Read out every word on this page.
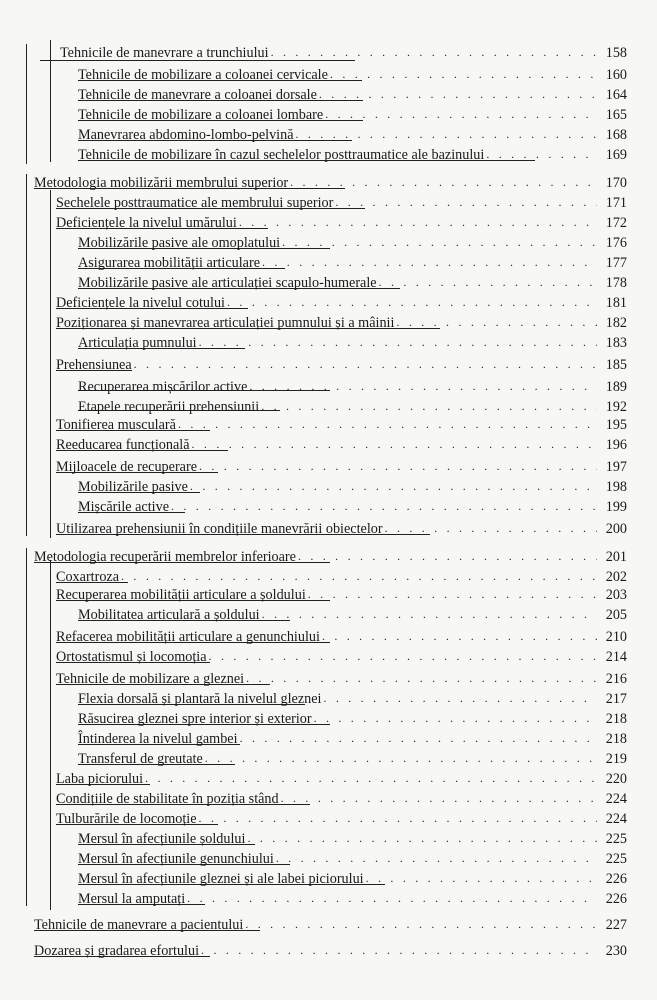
Tehnicile de manevrare a trunchiului . . .	158
Tehnicile de mobilizare a coloanei cervicale . . .	160
Tehnicile de manevrare a coloanei dorsale . . .	164
Tehnicile de mobilizare a coloanei lombare . . .	165
Manevrarea abdomino-lombo-pelvină . . .	168
Tehnicile de mobilizare în cazul sechelelor posttraumatice ale bazinului . . .	169
Metodologia mobilizării membrului superior . . .	170
Sechelele posttraumatice ale membrului superior . . .	171
Deficiențele la nivelul umărului . . .	172
Mobilizările pasive ale omoplatului . . .	176
Asigurarea mobilității articulare . . .	177
Mobilizările pasive ale articulației scapulo-humerale . . .	178
Deficiențele la nivelul cotului . . .	181
Poziționarea și manevrarea articulației pumnului și a mâinii . . .	182
Articulația pumnului . . .	183
Prehensiunea . . .	185
Recuperarea mișcărilor active . . .	189
Etapele recuperării prehensiunii . . .	192
Tonifierea musculară . . .	195
Reeducarea funcțională . . .	196
Mijloacele de recuperare . . .	197
Mobilizările pasive . . .	198
Mișcările active . . .	199
Utilizarea prehensiunii în condițiile manevrării obiectelor . . .	200
Metodologia recuperării membrelor inferioare . . .	201
Coxartroza . . .	202
Recuperarea mobilității articulare a șoldului . . .	203
Mobilitatea articulară a șoldului . . .	205
Refacerea mobilității articulare a genunchiului . . .	210
Ortostatismul și locomoția . . .	214
Tehnicile de mobilizare a gleznei . . .	216
Flexia dorsală și plantară la nivelul gleznei . . .	217
Răsucirea gleznei spre interior și exterior . . .	218
Întinderea la nivelul gambei . . .	218
Transferul de greutate . . .	219
Laba piciorului . . .	220
Condițiile de stabilitate în poziția stând . . .	224
Tulburările de locomoție . . .	224
Mersul în afecțiunile șoldului . . .	225
Mersul în afecțiunile genunchiului . . .	225
Mersul în afecțiunile gleznei și ale labei piciorului . . .	226
Mersul la amputați . . .	226
Tehnicile de manevrare a pacientului . . .	227
Dozarea și gradarea efortului . . .	230
